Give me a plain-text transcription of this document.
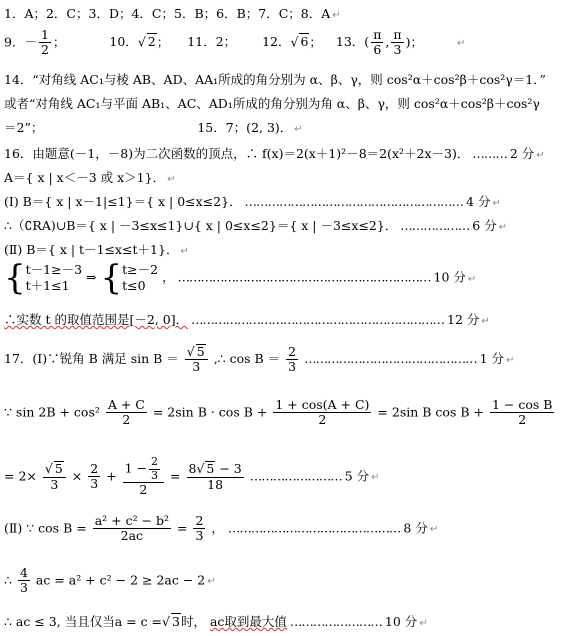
1．A；2．C；3．D；4．C；5．B；6．B；7．C；8．A ↵
9．－ $\frac{1}{2}$ ；	10．√ 2； 11．2； 12．√ 6； 13．( $\frac{\pi}{6}$ , $\frac{\pi}{3}$ )；	↵
14．“对角线 AC₁与棱 AB、AD、AA₁所成的角分别为 α、β、γ，则 cos²α＋cos²β＋cos²γ＝1．”
或者“对角线 AC₁与平面 AB₁、AC、AD₁所成的角分别为角 α、β、γ，则 cos²α＋cos²β＋cos²γ
＝2”；	15．7；(2, 3)． ↵
16．由题意(－1，－8)为二次函数的顶点，∴ f(x)＝2(x＋1)²－8＝2(x²＋2x－3)． ……… 2 分 ↵
A＝{ x | x＜－3 或 x＞1}． ↵
(Ⅰ) B＝{ x | x－1|≤1}＝{ x | 0≤x≤2}． ………………………………………………… 4 分 ↵
∴（∁RA)∪B＝{ x | －3≤x≤1}∪{ x | 0≤x≤2}＝{ x | －3≤x≤2}． ……………… 6 分 ↵
(Ⅱ) B＝{ x | t－1≤x≤t＋1}． ↵
{ t－1≥－3
t＋1≤1
⇒ { t≥－2
t≤0
， ………………………………………………………… 10 分 ↵
∴实数 t 的取值范围是[－2, 0]． ………………………………………………………… 12 分 ↵
17．(Ⅰ)∵锐角 B 满足 $\sin B = \frac{√ 5}{3}$ ,∴ $\cos B = \frac{2}{3}$ ……………………………………… 1 分 ↵
∵ $\sin 2B + \cos^2 \frac{A + C}{2} = 2\sin$ $B \cdot \cos B + \frac{1 + \cos(A + C)}{2} = 2\sin$ B $\cos B + \frac{\text{1 − cos B}}{2}$
= $2\times \frac{√ 5}{3} \times \frac{2}{3} + \frac{1 - \frac{2}{3}}{2} = \frac{8√ 5 - 3}{18}$ …………………… 5 分 ↵
(Ⅱ) ∵ $\cos B = \frac{\text{a² + c² − b²}}{2ac} = \frac{2}{3}$ ， ……………………………………… 8 分 ↵
∴ $\frac{4}{3}$ ac = a² + c² − 2 ≥ 2ac − 2 ↵
∴ ac ≤ 3, 当且仅当a = c =√ 3时， ac取到最大值 …………………… 10 分 ↵
